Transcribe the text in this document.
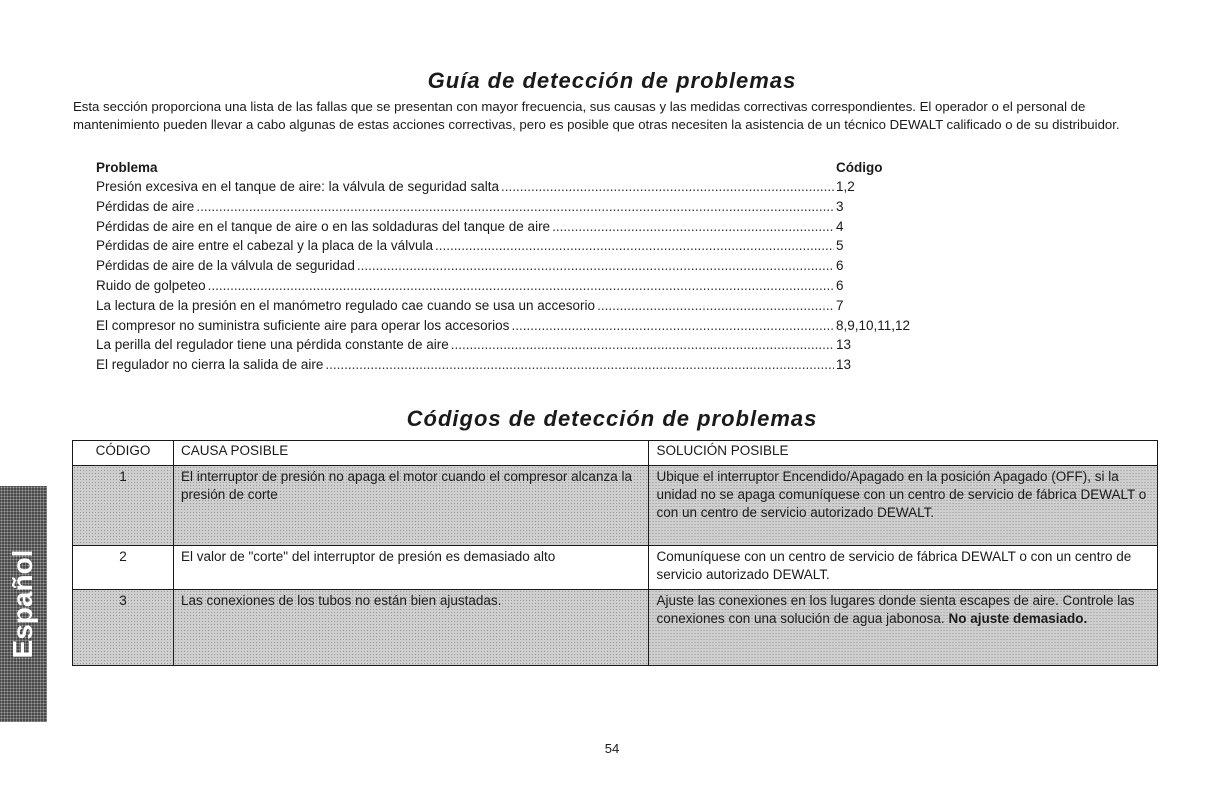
Guía de detección de problemas
Esta sección proporciona una lista de las fallas que se presentan con mayor frecuencia, sus causas y las medidas correctivas correspondientes. El operador o el personal de mantenimiento pueden llevar a cabo algunas de estas acciones correctivas, pero es posible que otras necesiten la asistencia de un técnico DEWALT calificado o de su distribuidor.
Problema	Código
Presión excesiva en el tanque de aire: la válvula de seguridad salta .....	1,2
Pérdidas de aire .....	3
Pérdidas de aire en el tanque de aire o en las soldaduras del tanque de aire .....	4
Pérdidas de aire entre el cabezal y la placa de la válvula .....	5
Pérdidas de aire de la válvula de seguridad .....	6
Ruido de golpeteo .....	6
La lectura de la presión en el manómetro regulado cae cuando se usa un accesorio .....	7
El compresor no suministra suficiente aire para operar los accesorios .....	8,9,10,11,12
La perilla del regulador tiene una pérdida constante de aire .....	13
El regulador no cierra la salida de aire .....	13
Códigos de detección de problemas
CÓDIGO	CAUSA POSIBLE	SOLUCIÓN POSIBLE
1	El interruptor de presión no apaga el motor cuando el compresor alcanza la presión de corte	Ubique el interruptor Encendido/Apagado en la posición Apagado (OFF), si la unidad no se apaga comuníquese con un centro de servicio de fábrica DEWALT o con un centro de servicio autorizado DEWALT.
2	El valor de "corte" del interruptor de presión es demasiado alto	Comuníquese con un centro de servicio de fábrica DEWALT o con un centro de servicio autorizado DEWALT.
3	Las conexiones de los tubos no están bien ajustadas.	Ajuste las conexiones en los lugares donde sienta escapes de aire. Controle las conexiones con una solución de agua jabonosa. No ajuste demasiado.
Español
54
